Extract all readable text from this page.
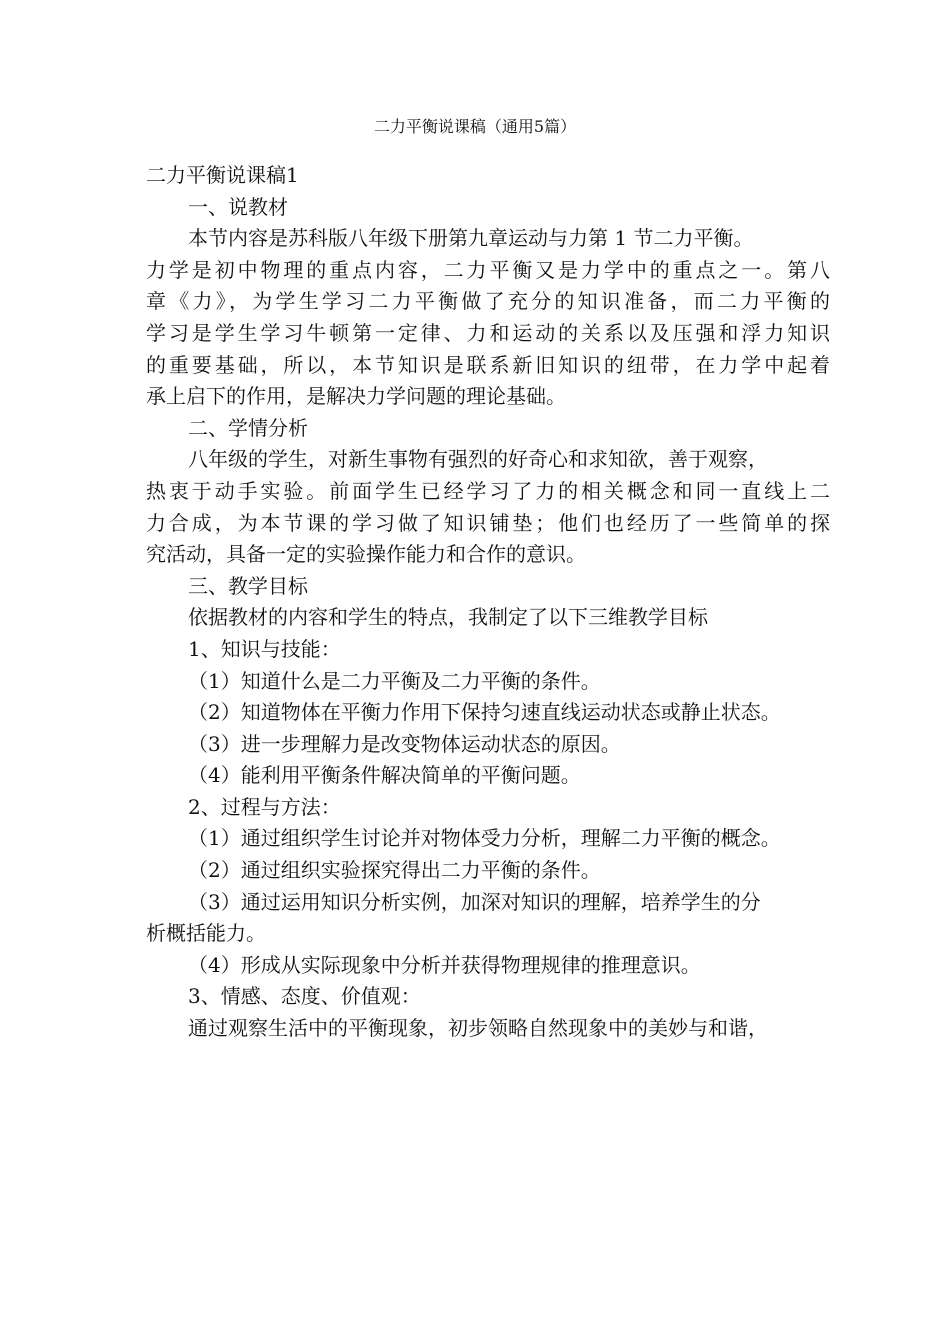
二力平衡说课稿（通用5篇）
二力平衡说课稿1
一、说教材
本节内容是苏科版八年级下册第九章运动与力第 1 节二力平衡。
力学是初中物理的重点内容，二力平衡又是力学中的重点之一。第八
章《力》，为学生学习二力平衡做了充分的知识准备，而二力平衡的
学习是学生学习牛顿第一定律、力和运动的关系以及压强和浮力知识
的重要基础，所以，本节知识是联系新旧知识的纽带，在力学中起着
承上启下的作用，是解决力学问题的理论基础。
二、学情分析
八年级的学生，对新生事物有强烈的好奇心和求知欲，善于观察，
热衷于动手实验。前面学生已经学习了力的相关概念和同一直线上二
力合成，为本节课的学习做了知识铺垫；他们也经历了一些简单的探
究活动，具备一定的实验操作能力和合作的意识。
三、教学目标
依据教材的内容和学生的特点，我制定了以下三维教学目标
1、知识与技能：
（1）知道什么是二力平衡及二力平衡的条件。
（2）知道物体在平衡力作用下保持匀速直线运动状态或静止状态。
（3）进一步理解力是改变物体运动状态的原因。
（4）能利用平衡条件解决简单的平衡问题。
2、过程与方法：
（1）通过组织学生讨论并对物体受力分析，理解二力平衡的概念。
（2）通过组织实验探究得出二力平衡的条件。
（3）通过运用知识分析实例，加深对知识的理解，培养学生的分
析概括能力。
（4）形成从实际现象中分析并获得物理规律的推理意识。
3、情感、态度、价值观：
通过观察生活中的平衡现象，初步领略自然现象中的美妙与和谐，
